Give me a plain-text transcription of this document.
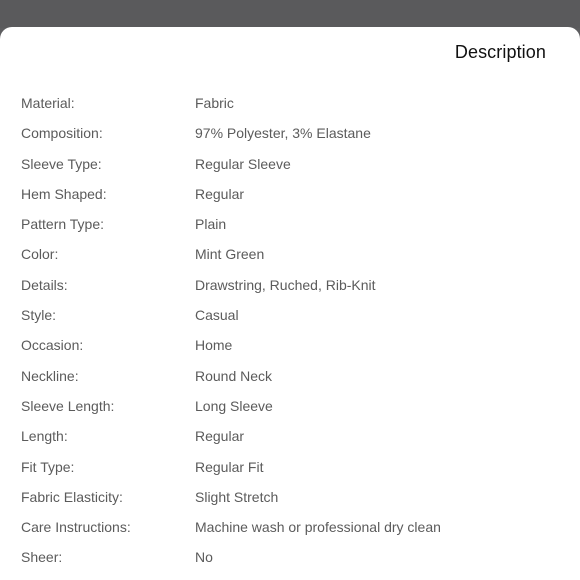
Description
Material:	Fabric
Composition:	97% Polyester, 3% Elastane
Sleeve Type:	Regular Sleeve
Hem Shaped:	Regular
Pattern Type:	Plain
Color:	Mint Green
Details:	Drawstring, Ruched, Rib-Knit
Style:	Casual
Occasion:	Home
Neckline:	Round Neck
Sleeve Length:	Long Sleeve
Length:	Regular
Fit Type:	Regular Fit
Fabric Elasticity:	Slight Stretch
Care Instructions:	Machine wash or professional dry clean
Sheer:	No
